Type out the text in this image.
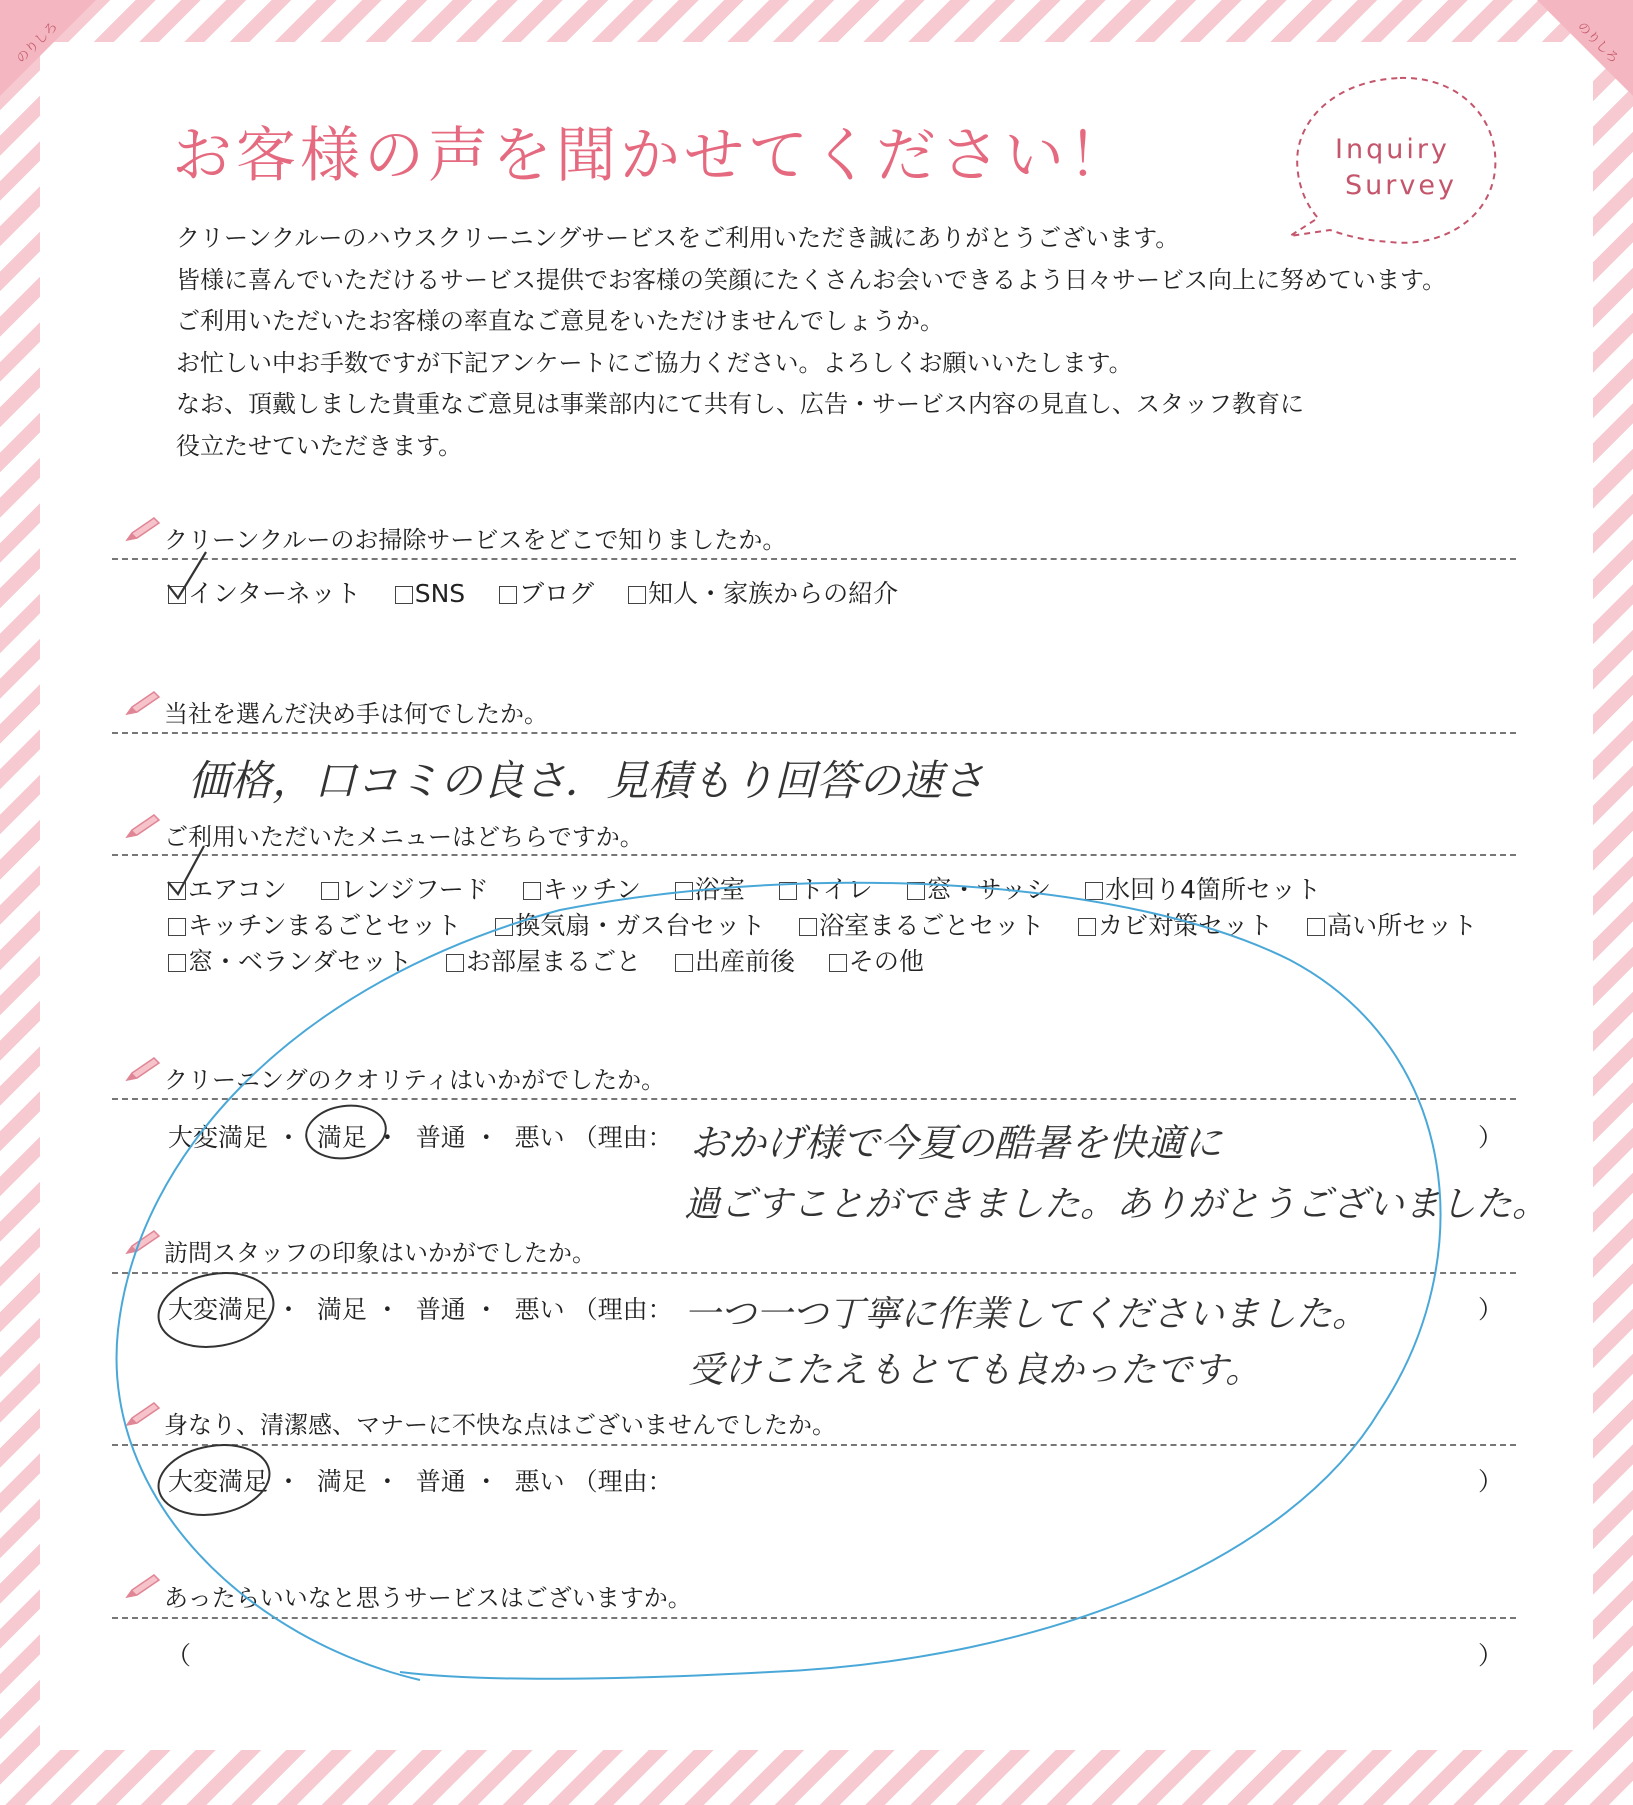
のりしろ	のりしろ
お客様の声を聞かせてください！	Inquiry
Survey
クリーンクルーのハウスクリーニングサービスをご利用いただき誠にありがとうございます。
皆様に喜んでいただけるサービス提供でお客様の笑顔にたくさんお会いできるよう日々サービス向上に努めています。
ご利用いただいたお客様の率直なご意見をいただけませんでしょうか。
お忙しい中お手数ですが下記アンケートにご協力ください。よろしくお願いいたします。
なお、頂戴しました貴重なご意見は事業部内にて共有し、広告・サービス内容の見直し、スタッフ教育に
役立たせていただきます。
クリーンクルーのお掃除サービスをどこで知りましたか。
インターネット SNS ブログ 知人・家族からの紹介
当社を選んだ決め手は何でしたか。
価格，口コミの良さ．見積もり回答の速さ
ご利用いただいたメニューはどちらですか。
エアコン レンジフード キッチン 浴室 トイレ 窓・サッシ 水回り4箇所セット
キッチンまるごとセット 換気扇・ガス台セット 浴室まるごとセット カビ対策セット 高い所セット
窓・ベランダセット お部屋まるごと 出産前後 その他
クリーニングのクオリティはいかがでしたか。
大変満足 ・  満足 ・  普通 ・  悪い （理由：	）
おかげ様で今夏の酷暑を快適に
過ごすことができました。ありがとうございました。
訪問スタッフの印象はいかがでしたか。
大変満足 ・  満足 ・  普通 ・  悪い （理由：	）
一つ一つ丁寧に作業してくださいました。
受けこたえもとても良かったです。
身なり、清潔感、マナーに不快な点はございませんでしたか。
大変満足 ・  満足 ・  普通 ・  悪い （理由：	）
あったらいいなと思うサービスはございますか。
（	）
